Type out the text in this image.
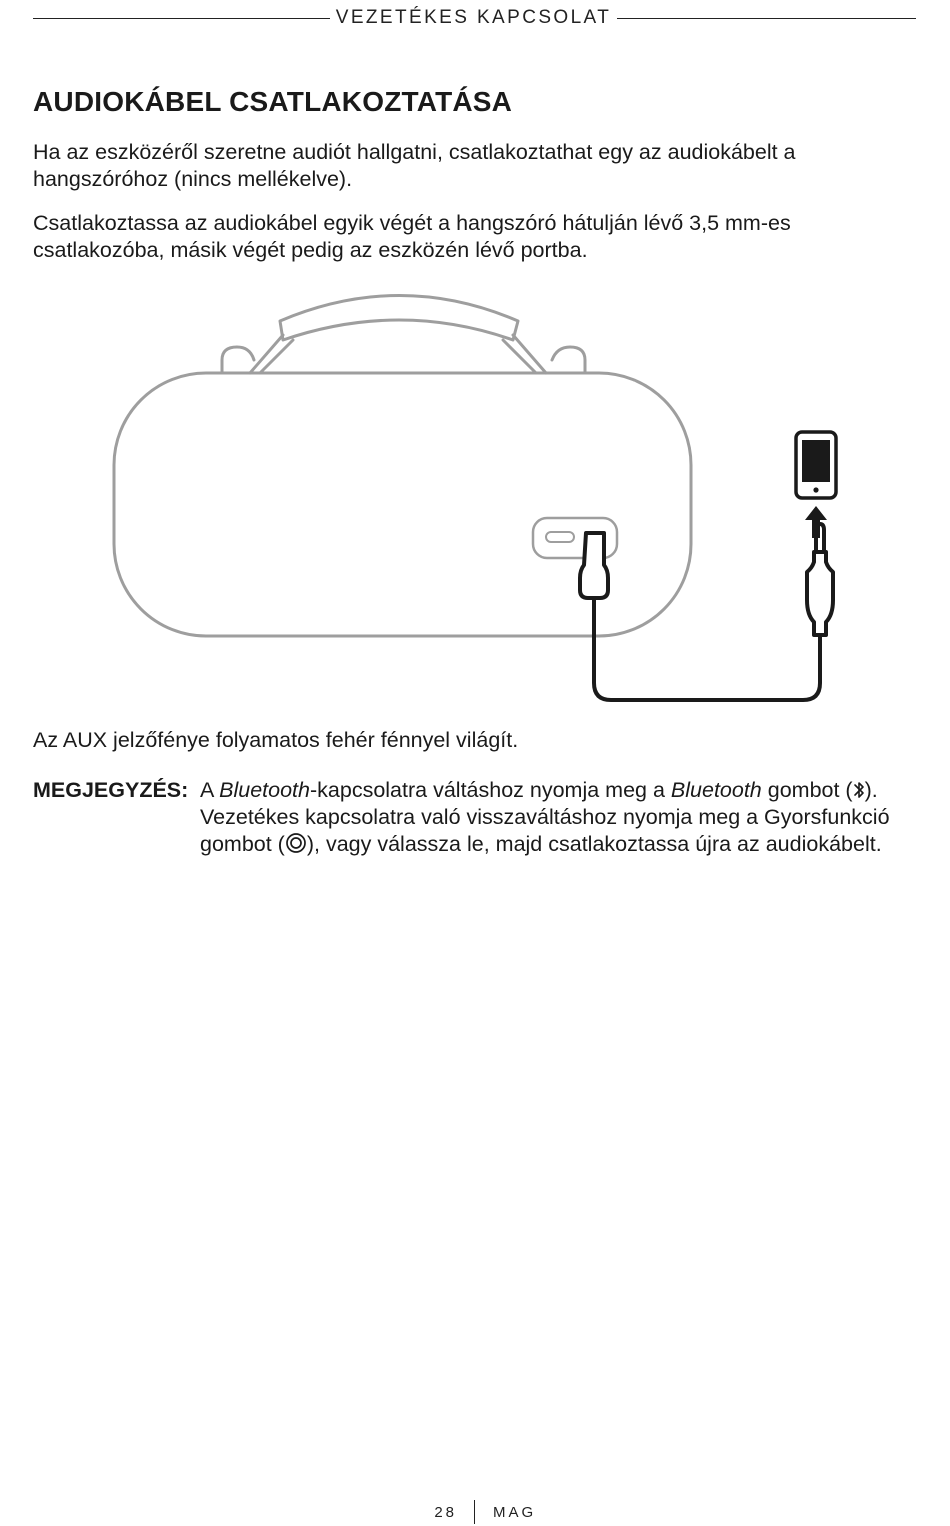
VEZETÉKES KAPCSOLAT
AUDIOKÁBEL CSATLAKOZTATÁSA

Ha az eszközéről szeretne audiót hallgatni, csatlakoztathat egy az audiokábelt a hangszóróhoz (nincs mellékelve).

Csatlakoztassa az audiokábel egyik végét a hangszóró hátulján lévő 3,5 mm-es csatlakozóba, másik végét pedig az eszközén lévő portba.

Az AUX jelzőfénye folyamatos fehér fénnyel világít.

MEGJEGYZÉS: A Bluetooth-kapcsolatra váltáshoz nyomja meg a Bluetooth gombot ( ). Vezetékes kapcsolatra való visszaváltáshoz nyomja meg a Gyorsfunkció gombot ( ), vagy válassza le, majd csatlakoztassa újra az audiokábelt.
28 MAG
